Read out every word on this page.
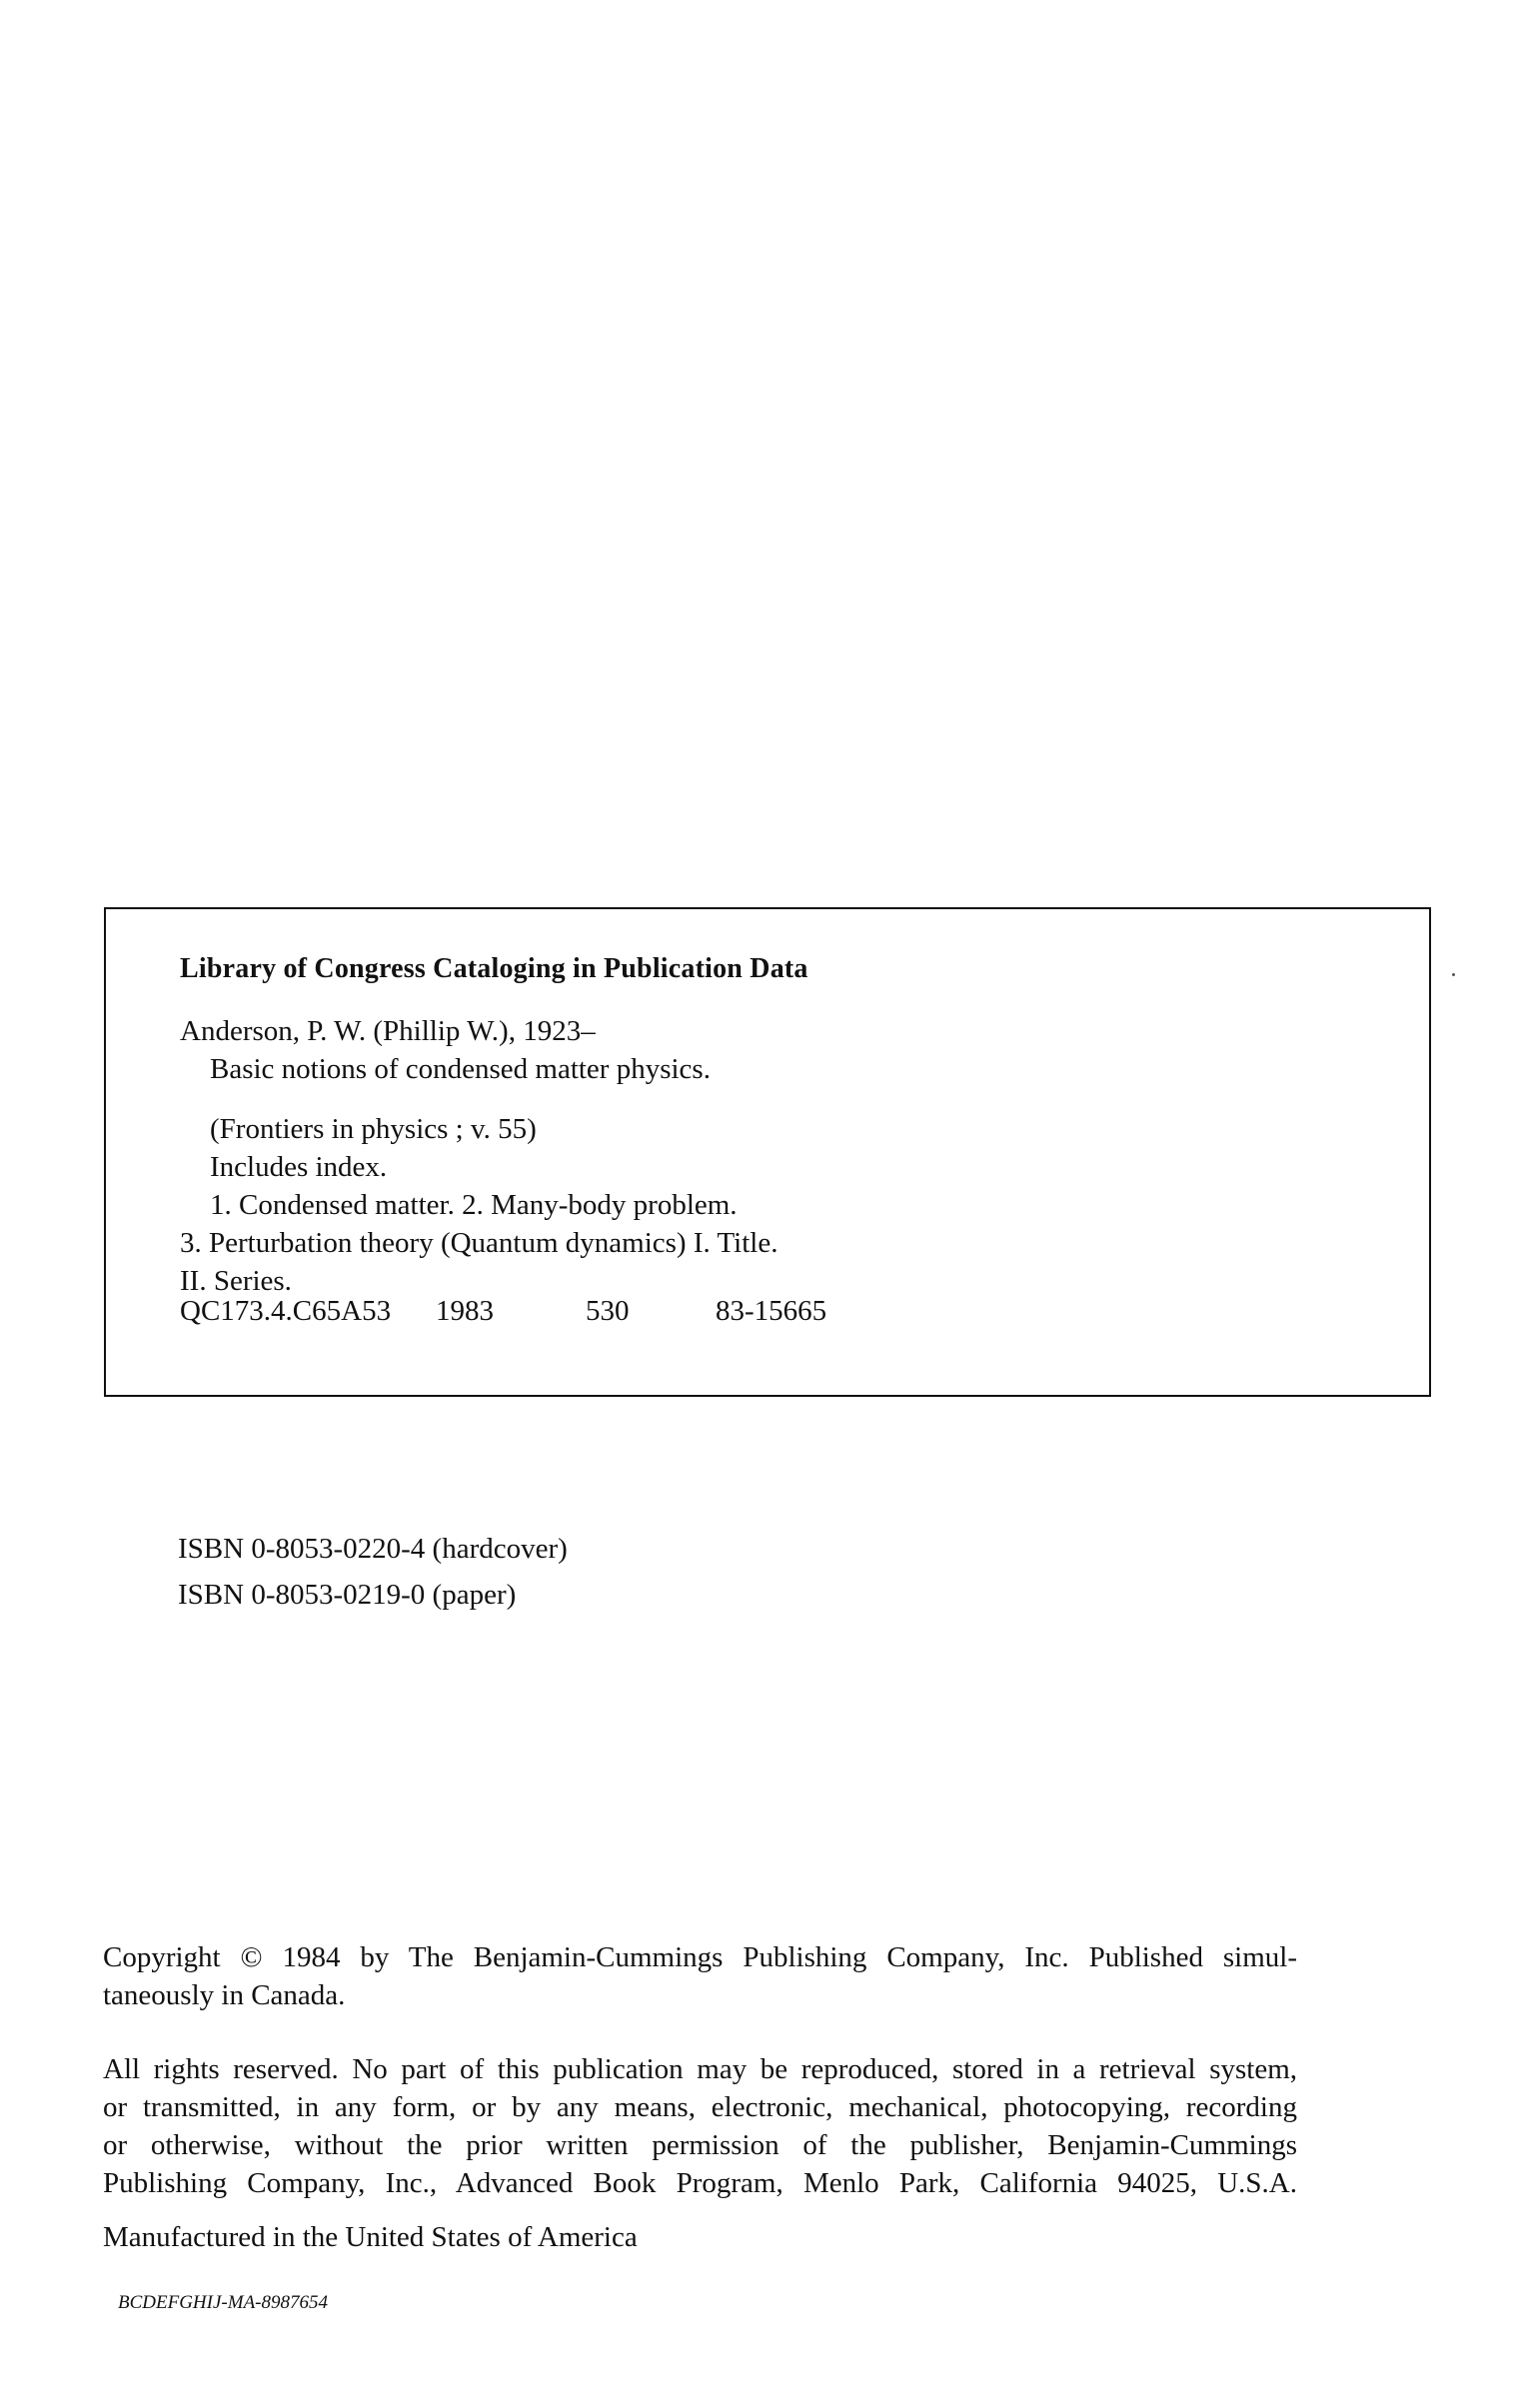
Library of Congress Cataloging in Publication Data
Anderson, P. W. (Phillip W.), 1923–
Basic notions of condensed matter physics.
(Frontiers in physics ; v. 55)
Includes index.
1. Condensed matter. 2. Many-body problem.
3. Perturbation theory (Quantum dynamics) I. Title.
II. Series.
QC173.4.C65A53 1983	530	83-15665
ISBN 0-8053-0220-4 (hardcover)
ISBN 0-8053-0219-0 (paper)
Copyright © 1984 by The Benjamin-Cummings Publishing Company, Inc. Published simul-
taneously in Canada.
All rights reserved. No part of this publication may be reproduced, stored in a retrieval system,
or transmitted, in any form, or by any means, electronic, mechanical, photocopying, recording
or otherwise, without the prior written permission of the publisher, Benjamin-Cummings
Publishing Company, Inc., Advanced Book Program, Menlo Park, California 94025, U.S.A.
Manufactured in the United States of America
BCDEFGHIJ-MA-8987654
